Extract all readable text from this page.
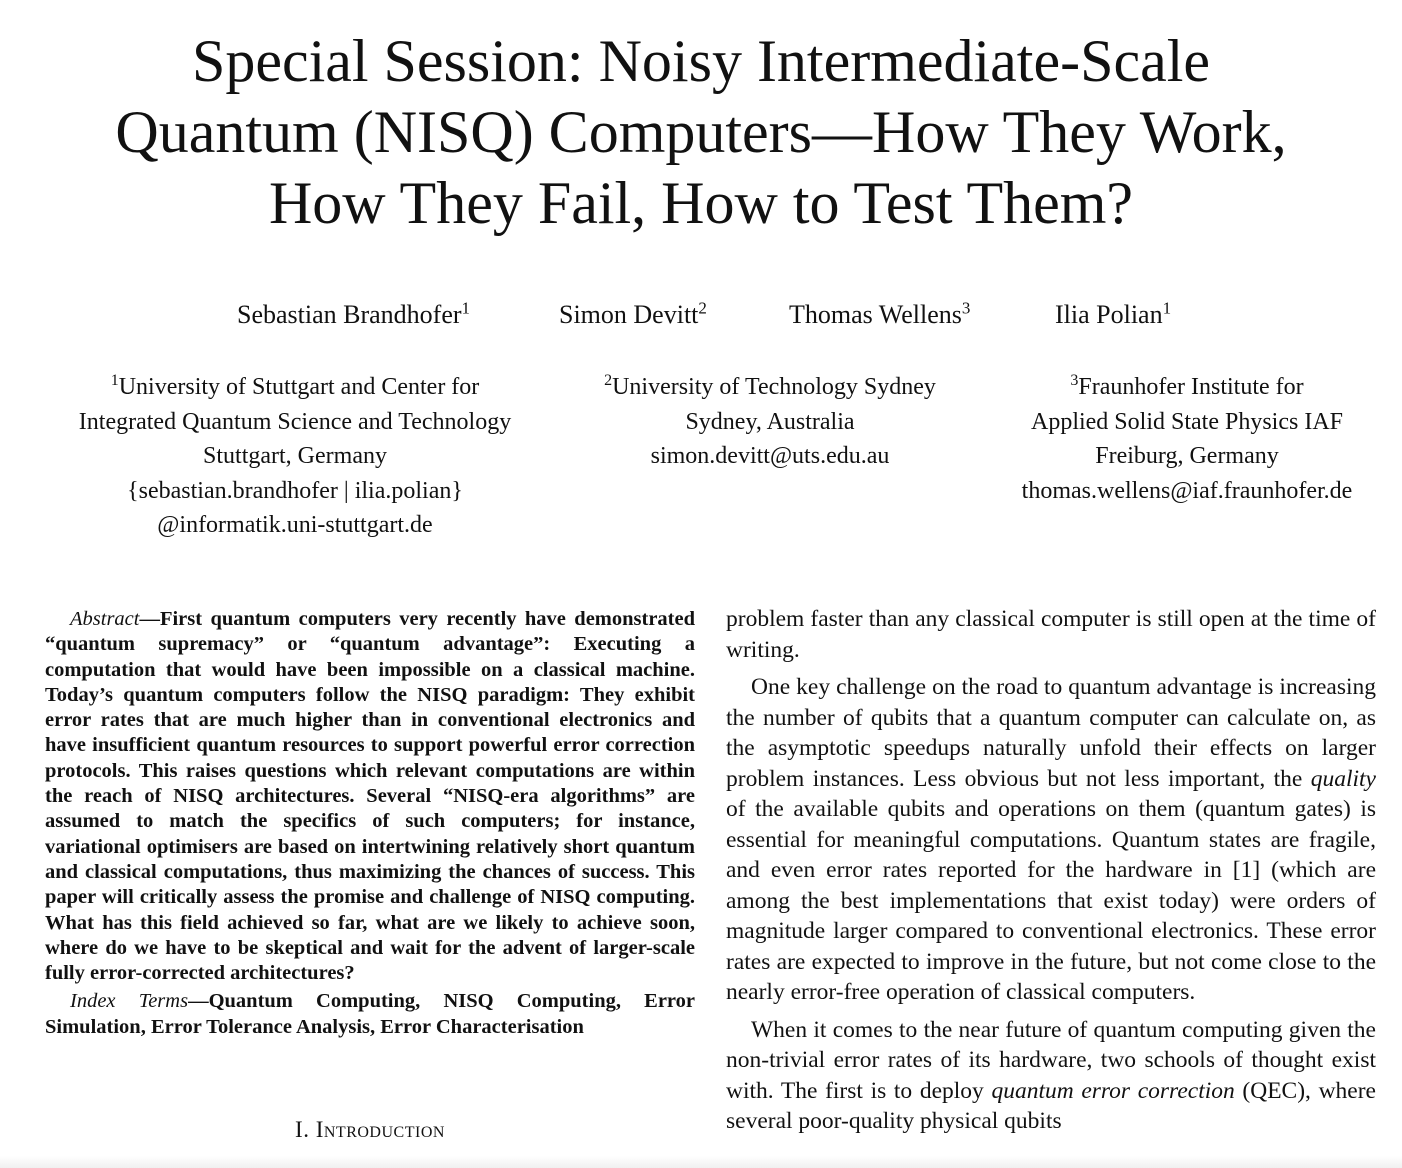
Special Session: Noisy Intermediate-Scale
Quantum (NISQ) Computers—How They Work,
How They Fail, How to Test Them?
Sebastian Brandhofer$^1$	Simon Devitt$^2$	Thomas Wellens$^3$	Ilia Polian$^1$
$^1$University of Stuttgart and Center for
Integrated Quantum Science and Technology
Stuttgart, Germany
{sebastian.brandhofer | ilia.polian}
@informatik.uni-stuttgart.de
$^2$University of Technology Sydney
Sydney, Australia
simon.devitt@uts.edu.au
$^3$Fraunhofer Institute for
Applied Solid State Physics IAF
Freiburg, Germany
thomas.wellens@iaf.fraunhofer.de

Abstract—First quantum computers very recently have demonstrated “quantum supremacy” or “quantum advantage”: Executing a computation that would have been impossible on a classical machine. Today’s quantum computers follow the NISQ paradigm: They exhibit error rates that are much higher than in conventional electronics and have insufficient quantum resources to support powerful error correction protocols. This raises questions which relevant computations are within the reach of NISQ architectures. Several “NISQ-era algorithms” are assumed to match the specifics of such computers; for instance, variational optimisers are based on intertwining relatively short quantum and classical computations, thus maximizing the chances of success. This paper will critically assess the promise and challenge of NISQ computing. What has this field achieved so far, what are we likely to achieve soon, where do we have to be skeptical and wait for the advent of larger-scale fully error-corrected architectures?

Index Terms—Quantum Computing, NISQ Computing, Error Simulation, Error Tolerance Analysis, Error Characterisation

I. Introduction

problem faster than any classical computer is still open at the time of writing.

One key challenge on the road to quantum advantage is increasing the number of qubits that a quantum computer can calculate on, as the asymptotic speedups naturally unfold their effects on larger problem instances. Less obvious but not less important, the quality of the available qubits and operations on them (quantum gates) is essential for meaningful computations. Quantum states are fragile, and even error rates reported for the hardware in [1] (which are among the best implementations that exist today) were orders of magnitude larger compared to conventional electronics. These error rates are expected to improve in the future, but not come close to the nearly error-free operation of classical computers.

When it comes to the near future of quantum computing given the non-trivial error rates of its hardware, two schools of thought exist with. The first is to deploy quantum error correction (QEC), where several poor-quality physical qubits
